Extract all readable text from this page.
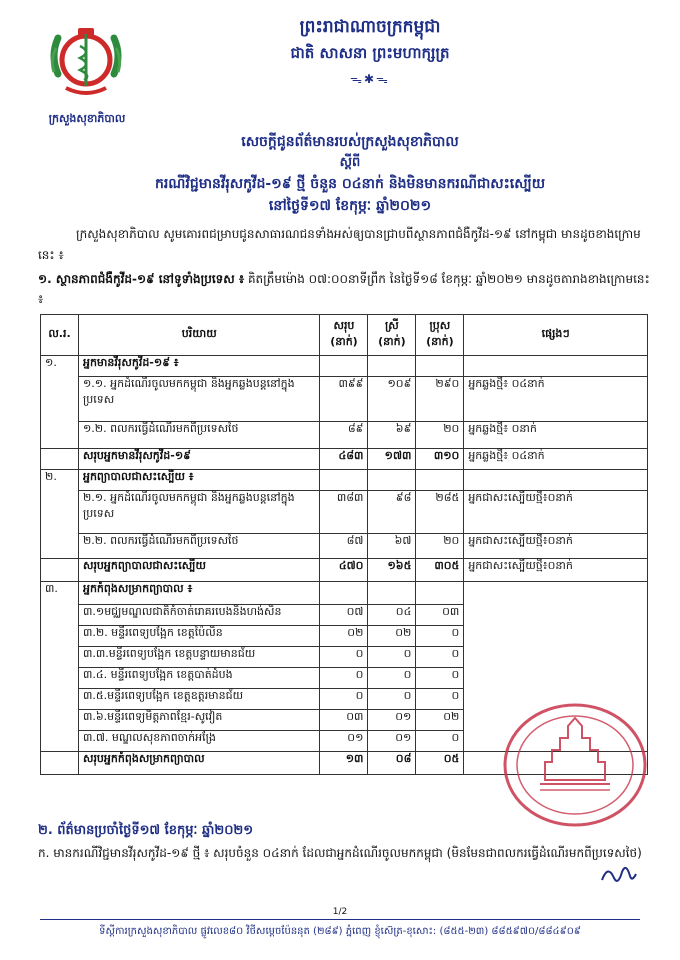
ក្រសួងសុខាភិបាល
ព្រះរាជាណាចក្រកម្ពុជា
ជាតិ សាសនា ព្រះមហាក្សត្រ
ᯓ✱ᯓ
សេចក្តីជូនព័ត៌មានរបស់ក្រសួងសុខាភិបាល
ស្តីពី
ករណីវិជ្ជមានវីរុសកូវីដ-១៩ ថ្មី ចំនួន ០៤នាក់ និងមិនមានករណីជាសះស្បើយ
នៅថ្ងៃទី១៧ ខែកុម្ភៈ ឆ្នាំ២០២១
ក្រសួងសុខាភិបាល សូមគោរពជម្រាបជូនសាធារណជនទាំងអស់ឲ្យបានជ្រាបពីស្ថានភាពជំងឺកូវីដ-១៩ នៅកម្ពុជា មានដូចខាងក្រោមនេះ ៖
១. ស្ថានភាពជំងឺកូវីដ-១៩ នៅទូទាំងប្រទេស ៖ គិតត្រឹមម៉ោង ០៧:០០នាទីព្រឹក នៃថ្ងៃទី១៨ ខែកុម្ភៈ ឆ្នាំ២០២១ មានដូចតារាងខាងក្រោមនេះ ៖
ល.រ.	បរិយាយ	សរុប (នាក់)	ស្រី (នាក់)	ប្រុស (នាក់)	ផ្សេងៗ
១.	អ្នកមានវីរុសកូវីដ-១៩ ៖				
	១.១. អ្នកដំណើរចូលមកកម្ពុជា និងអ្នកឆ្លងបន្តនៅក្នុងប្រទេស	៣៩៩	១០៩	២៩០	អ្នកឆ្លងថ្មី៖ ០៤នាក់
	១.២. ពលករធ្វើដំណើរមកពីប្រទេសថៃ	៨៩	៦៩	២០	អ្នកឆ្លងថ្មី៖ ០នាក់
	សរុបអ្នកមានវីរុសកូវីដ-១៩	៤៨៣	១៧៣	៣១០	អ្នកឆ្លងថ្មី៖ ០៤នាក់
២.	អ្នកព្យាបាលជាសះស្បើយ ៖				
	២.១. អ្នកដំណើរចូលមកកម្ពុជា និងអ្នកឆ្លងបន្តនៅក្នុងប្រទេស	៣៨៣	៩៨	២៨៥	អ្នកជាសះស្បើយថ្មី៖០នាក់
	២.២. ពលករធ្វើដំណើរមកពីប្រទេសថៃ	៨៧	៦៧	២០	អ្នកជាសះស្បើយថ្មី៖០នាក់
	សរុបអ្នកព្យាបាលជាសះស្បើយ	៤៧០	១៦៥	៣០៥	អ្នកជាសះស្បើយថ្មី៖០នាក់
៣.	អ្នកកំពុងសម្រាកព្យាបាល ៖				
	៣.១មជ្ឈមណ្ឌលជាតិកំចាត់រោគរបេងនិងហង់សិន	០៧	០៤	០៣	
	៣.២. មន្ទីរពេទ្យបង្អែក ខេត្តប៉ៃលិន	០២	០២	០	
	៣.៣.មន្ទីរពេទ្យបង្អែក ខេត្តបន្ទាយមានជ័យ	០	០	០	
	៣.៤. មន្ទីរពេទ្យបង្អែក ខេត្តបាត់ដំបង	០	០	០	
	៣.៥.មន្ទីរពេទ្យបង្អែក ខេត្តឧត្តរមានជ័យ	០	០	០	
	៣.៦.មន្ទីរពេទ្យមិត្តភាពខ្មែរ-សូវៀត	០៣	០១	០២	
	៣.៧. មណ្ឌលសុខភាពចាក់អង្រែ	០១	០១	០	
	សរុបអ្នកកំពុងសម្រាកព្យាបាល	១៣	០៨	០៥	
២. ព័ត៌មានប្រចាំថ្ងៃទី១៧ ខែកុម្ភៈ ឆ្នាំ២០២១
ក. មានករណីវិជ្ជមានវីរុសកូវីដ-១៩ ថ្មី ៖ សរុបចំនួន ០៤នាក់ ដែលជាអ្នកដំណើរចូលមកកម្ពុជា (មិនមែនជាពលករធ្វើដំណើរមកពីប្រទេសថៃ)
1/2
ទីស្តីការក្រសួងសុខាភិបាល ផ្លូវលេខ៨០ វិថីសម្តេចប៉ែននុត (២៨៩) ភ្នំពេញ ខ្ញុំស៊េត្រ-ខុសោះ: (៨៥៥-២៣) ៨៨៥៩៧០/៨៨៤៩០៩
